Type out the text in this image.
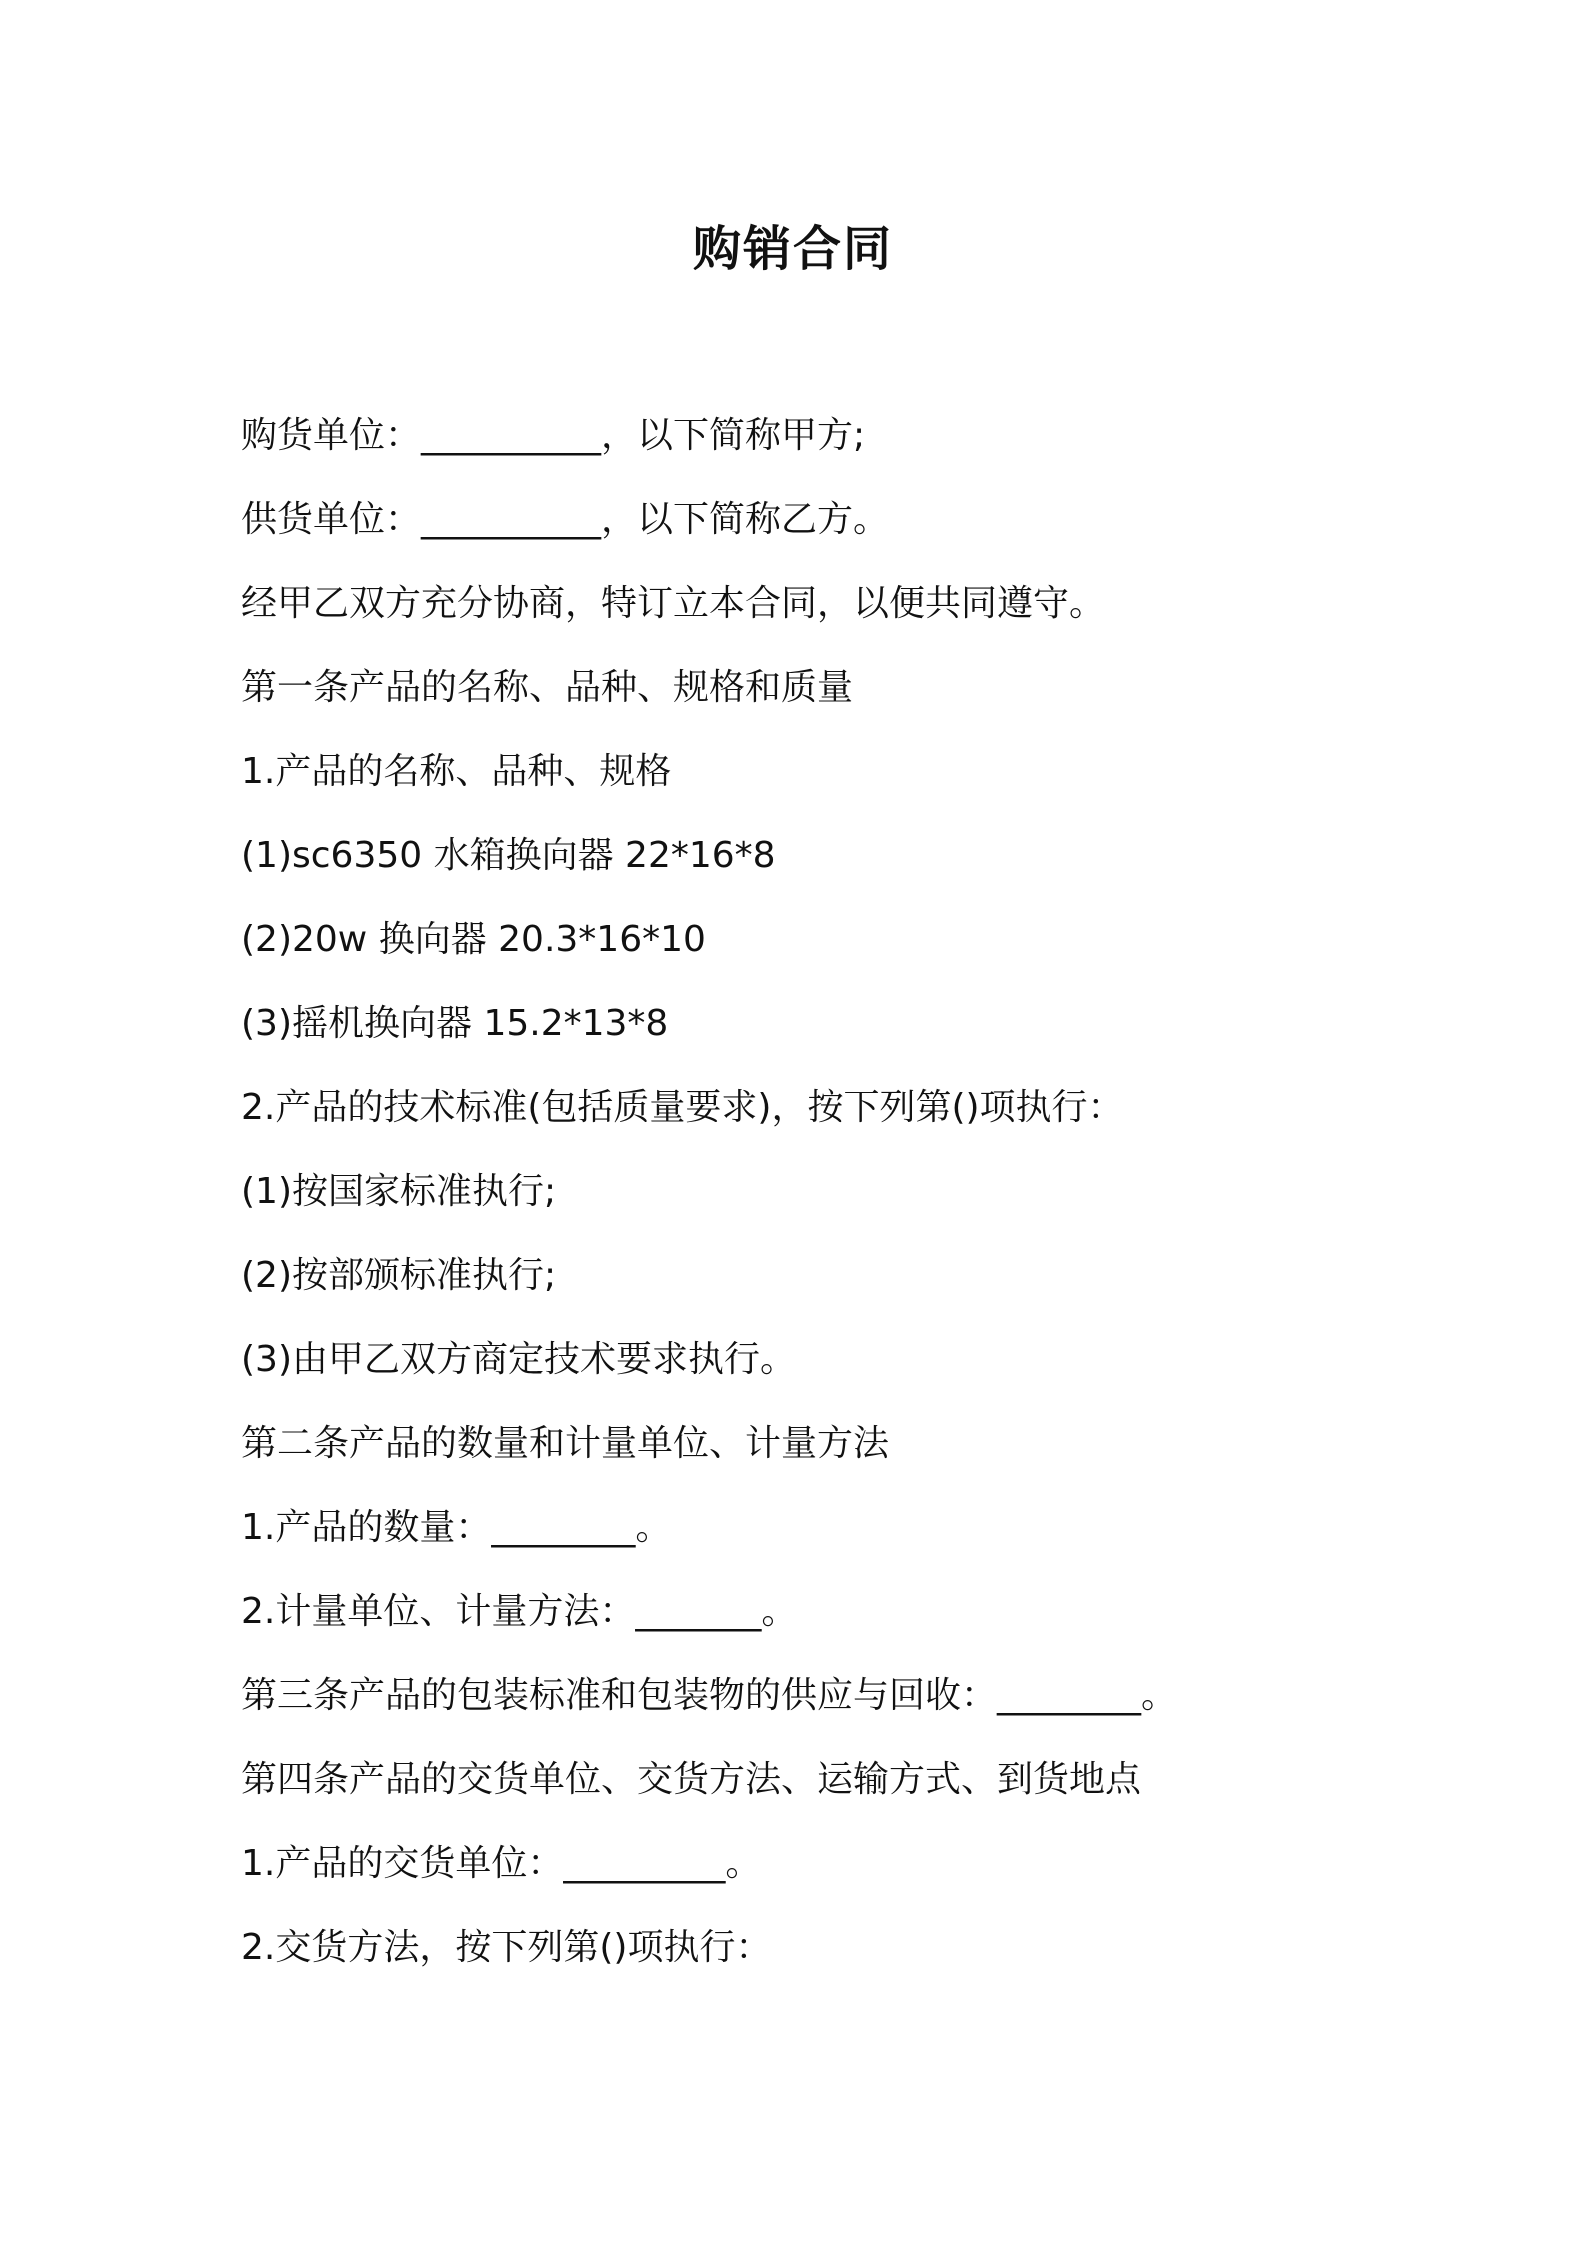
购销合同

购货单位：__________，以下简称甲方;

供货单位：__________，以下简称乙方。

经甲乙双方充分协商，特订立本合同，以便共同遵守。

第一条产品的名称、品种、规格和质量

1.产品的名称、品种、规格

(1)sc6350 水箱换向器 22*16*8

(2)20w 换向器 20.3*16*10

(3)摇机换向器 15.2*13*8

2.产品的技术标准(包括质量要求)，按下列第()项执行：

(1)按国家标准执行;

(2)按部颁标准执行;

(3)由甲乙双方商定技术要求执行。

第二条产品的数量和计量单位、计量方法

1.产品的数量：________。

2.计量单位、计量方法：_______。

第三条产品的包装标准和包装物的供应与回收：________。

第四条产品的交货单位、交货方法、运输方式、到货地点

1.产品的交货单位：_________。

2.交货方法，按下列第()项执行：
